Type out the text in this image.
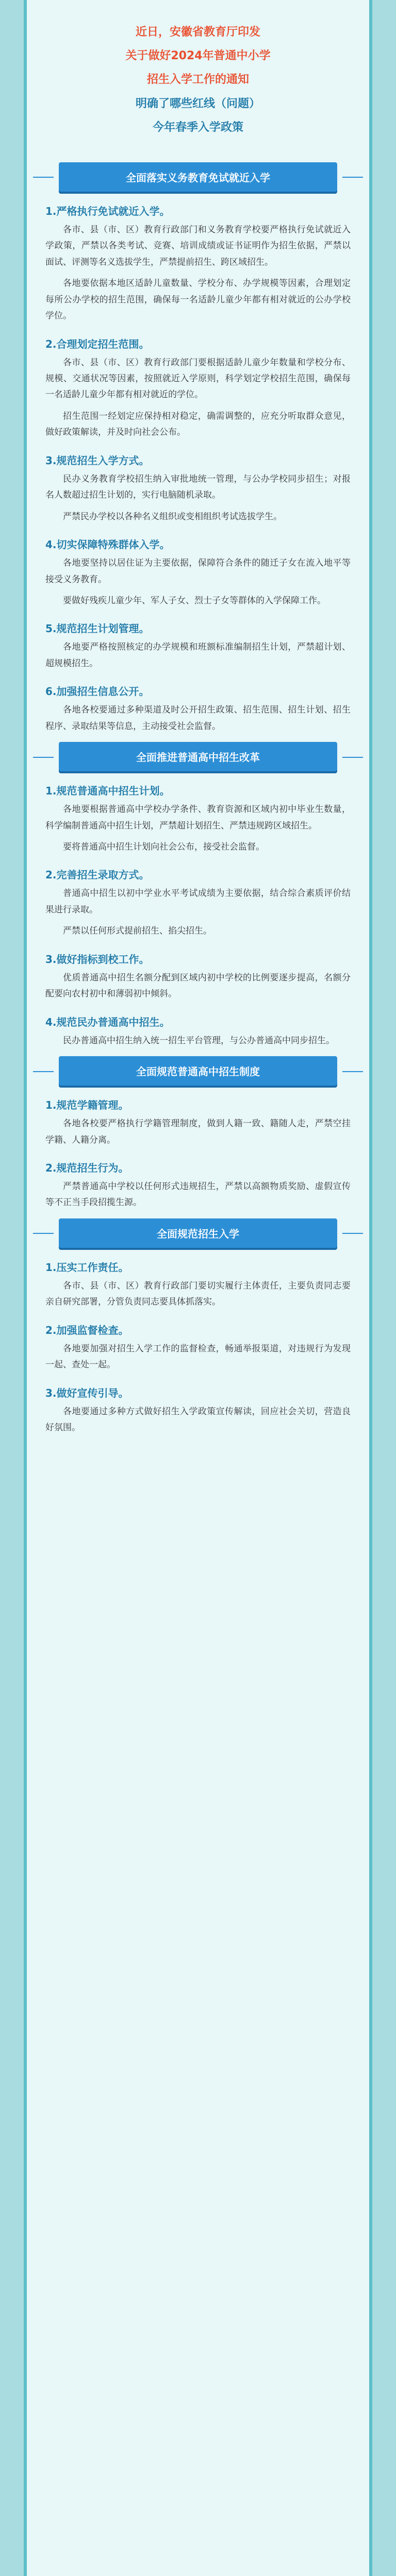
近日，安徽省教育厅印发
关于做好2024年普通中小学
招生入学工作的通知
明确了哪些红线（问题）
今年春季入学政策
全面落实义务教育免试就近入学
1.严格执行免试就近入学。

各市、县（市、区）教育行政部门和义务教育学校要严格执行免试就近入学政策，严禁以各类考试、竞赛、培训成绩或证书证明作为招生依据，严禁以面试、评测等名义选拔学生，严禁提前招生、跨区域招生。

各地要依据本地区适龄儿童数量、学校分布、办学规模等因素，合理划定每所公办学校的招生范围，确保每一名适龄儿童少年都有相对就近的公办学校学位。

2.合理划定招生范围。

各市、县（市、区）教育行政部门要根据适龄儿童少年数量和学校分布、规模、交通状况等因素，按照就近入学原则，科学划定学校招生范围，确保每一名适龄儿童少年都有相对就近的学位。

招生范围一经划定应保持相对稳定，确需调整的，应充分听取群众意见，做好政策解读，并及时向社会公布。

3.规范招生入学方式。

民办义务教育学校招生纳入审批地统一管理，与公办学校同步招生；对报名人数超过招生计划的，实行电脑随机录取。

严禁民办学校以各种名义组织或变相组织考试选拔学生。

4.切实保障特殊群体入学。

各地要坚持以居住证为主要依据，保障符合条件的随迁子女在流入地平等接受义务教育。

要做好残疾儿童少年、军人子女、烈士子女等群体的入学保障工作。

5.规范招生计划管理。

各地要严格按照核定的办学规模和班额标准编制招生计划，严禁超计划、超规模招生。

6.加强招生信息公开。

各地各校要通过多种渠道及时公开招生政策、招生范围、招生计划、招生程序、录取结果等信息，主动接受社会监督。

全面推进普通高中招生改革
1.规范普通高中招生计划。

各地要根据普通高中学校办学条件、教育资源和区域内初中毕业生数量，科学编制普通高中招生计划，严禁超计划招生、严禁违规跨区域招生。

要将普通高中招生计划向社会公布，接受社会监督。

2.完善招生录取方式。

普通高中招生以初中学业水平考试成绩为主要依据，结合综合素质评价结果进行录取。

严禁以任何形式提前招生、掐尖招生。

3.做好指标到校工作。

优质普通高中招生名额分配到区域内初中学校的比例要逐步提高，名额分配要向农村初中和薄弱初中倾斜。

4.规范民办普通高中招生。

民办普通高中招生纳入统一招生平台管理，与公办普通高中同步招生。

全面规范普通高中招生制度
1.规范学籍管理。

各地各校要严格执行学籍管理制度，做到人籍一致、籍随人走，严禁空挂学籍、人籍分离。

2.规范招生行为。

严禁普通高中学校以任何形式违规招生，严禁以高额物质奖励、虚假宣传等不正当手段招揽生源。

全面规范招生入学
1.压实工作责任。

各市、县（市、区）教育行政部门要切实履行主体责任，主要负责同志要亲自研究部署，分管负责同志要具体抓落实。

2.加强监督检查。

各地要加强对招生入学工作的监督检查，畅通举报渠道，对违规行为发现一起、查处一起。

3.做好宣传引导。

各地要通过多种方式做好招生入学政策宣传解读，回应社会关切，营造良好氛围。
